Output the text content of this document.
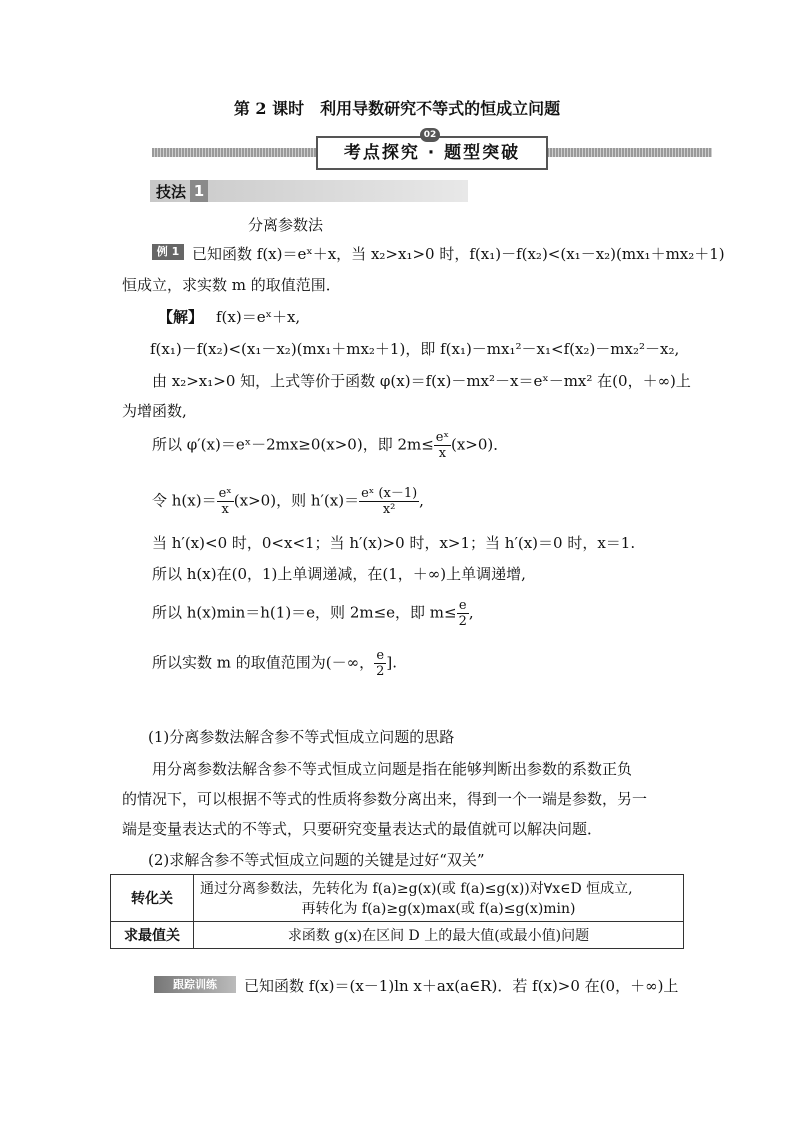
第 2 课时　利用导数研究不等式的恒成立问题
考点探究 · 题型突破
02
技法 1
分离参数法
例 1 已知函数 f(x)＝eˣ＋x，当 x₂>x₁>0 时，f(x₁)－f(x₂)<(x₁－x₂)(mx₁＋mx₂＋1)
恒成立，求实数 m 的取值范围．
【解】 f(x)＝eˣ＋x,
f(x₁)－f(x₂)<(x₁－x₂)(mx₁＋mx₂＋1)，即 f(x₁)－mx₁²－x₁<f(x₂)－mx₂²－x₂,
由 x₂>x₁>0 知，上式等价于函数 φ(x)＝f(x)－mx²－x＝eˣ－mx² 在(0，＋∞)上
为增函数,
所以 φ′(x)＝eˣ－2mx≥0(x>0)，即 $2m\le \frac{\text{eˣ}}{x} (x>0)$．
令 $h(x)= \frac{\text{eˣ}}{x} (x>0)$，则 $h'(x)= \frac{\text{eˣ (x－1)}}{\text{x²}}$ ,
当 h′(x)<0 时，0<x<1；当 h′(x)>0 时，x>1；当 h′(x)＝0 时，x＝1.
所以 h(x)在(0，1)上单调递减，在(1，＋∞)上单调递增,
所以 h(x)min＝h(1)＝e，则 2m≤e，即 $m\le \frac{e}{2}$ ,
所以实数 m 的取值范围为(－∞， $\frac{e}{2}$ ].
(1)分离参数法解含参不等式恒成立问题的思路
用分离参数法解含参不等式恒成立问题是指在能够判断出参数的系数正负
的情况下，可以根据不等式的性质将参数分离出来，得到一个一端是参数，另一
端是变量表达式的不等式，只要研究变量表达式的最值就可以解决问题．
(2)求解含参不等式恒成立问题的关键是过好“双关”
转化关	通过分离参数法，先转化为 f(a)≥g(x)(或 f(a)≤g(x))对∀x∈D 恒成立,
再转化为 f(a)≥g(x)max(或 f(a)≤g(x)min)

求最值关	求函数 g(x)在区间 D 上的最大值(或最小值)问题
跟踪训练	已知函数 f(x)＝(x－1)ln x＋ax(a∈R)．若 f(x)>0 在(0，＋∞)上
